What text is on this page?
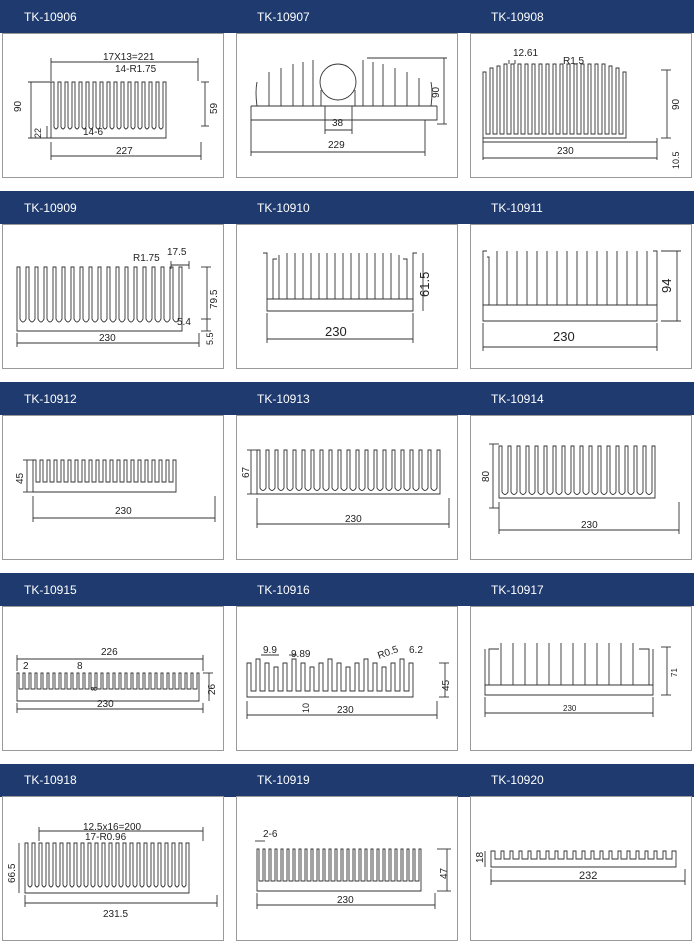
TK-10906	TK-10907	TK-10908
TK-10909	TK-10910	TK-10911
TK-10912	TK-10913	TK-10914
TK-10915	TK-10916	TK-10917
TK-10918	TK-10919	TK-10920
17X13=221
14-R1.75
90	59
22	14-6
227
90
38
229
12.61
R1.5
90
10.5
230
R1.75
17.5
79.5
5.4
5.5
230
61.5
230
94
230
45
230
67
230
80
230
226
2	8
8	26
230
9.9 9.89	R0.5 6.2
45
10	230
71
230
12.5x16=200
17-R0.96
66.5
231.5
2-6
47
230
18
232
